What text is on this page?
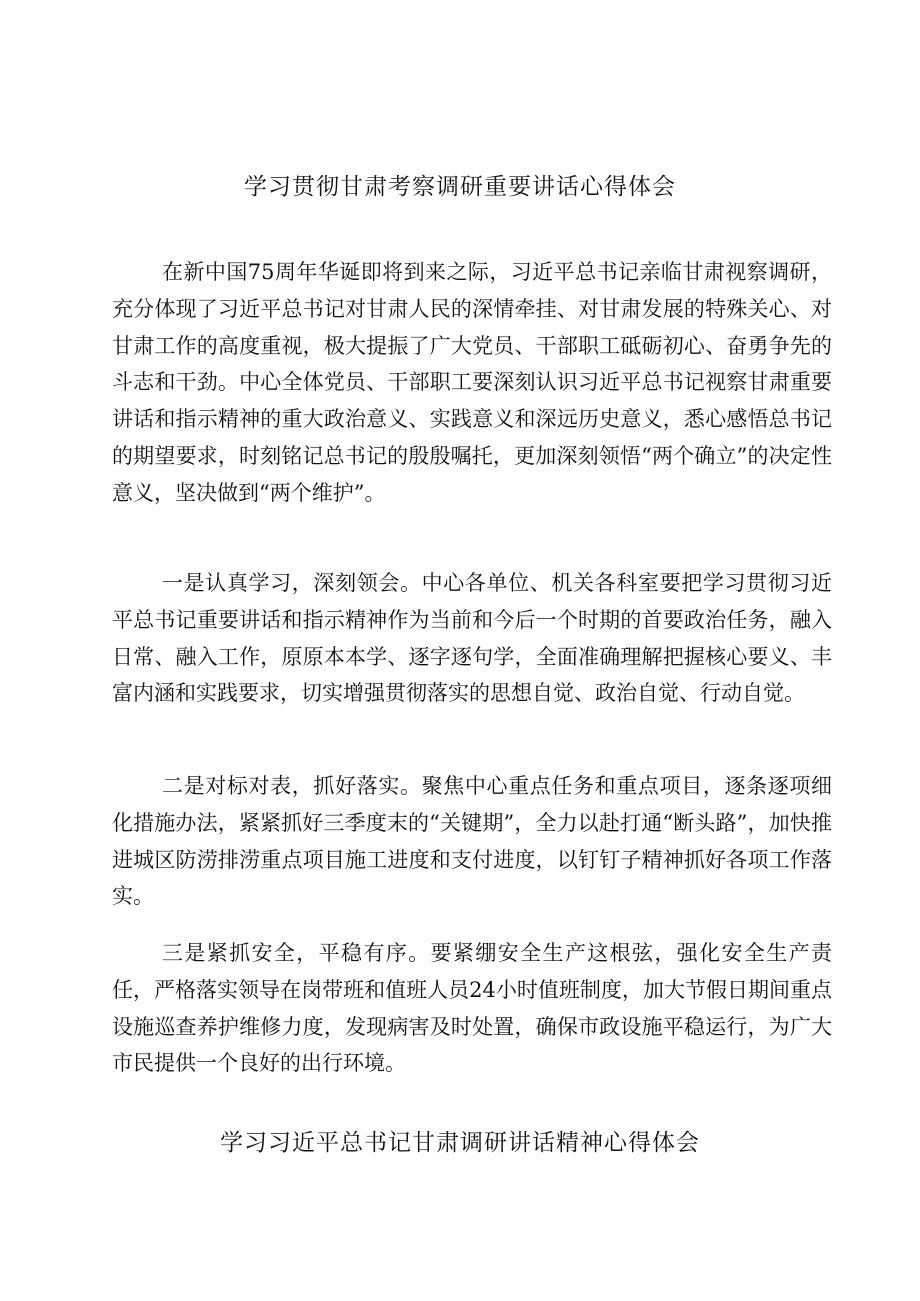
学习贯彻甘肃考察调研重要讲话心得体会

在新中国75周年华诞即将到来之际，习近平总书记亲临甘肃视察调研，充分体现了习近平总书记对甘肃人民的深情牵挂、对甘肃发展的特殊关心、对甘肃工作的高度重视，极大提振了广大党员、干部职工砥砺初心、奋勇争先的斗志和干劲。中心全体党员、干部职工要深刻认识习近平总书记视察甘肃重要讲话和指示精神的重大政治意义、实践意义和深远历史意义，悉心感悟总书记的期望要求，时刻铭记总书记的殷殷嘱托，更加深刻领悟“两个确立”的决定性意义，坚决做到“两个维护”。

一是认真学习，深刻领会。中心各单位、机关各科室要把学习贯彻习近平总书记重要讲话和指示精神作为当前和今后一个时期的首要政治任务，融入日常、融入工作，原原本本学、逐字逐句学，全面准确理解把握核心要义、丰富内涵和实践要求，切实增强贯彻落实的思想自觉、政治自觉、行动自觉。

二是对标对表，抓好落实。聚焦中心重点任务和重点项目，逐条逐项细化措施办法，紧紧抓好三季度末的“关键期”，全力以赴打通“断头路”，加快推进城区防涝排涝重点项目施工进度和支付进度，以钉钉子精神抓好各项工作落实。

三是紧抓安全，平稳有序。要紧绷安全生产这根弦，强化安全生产责任，严格落实领导在岗带班和值班人员24小时值班制度，加大节假日期间重点设施巡查养护维修力度，发现病害及时处置，确保市政设施平稳运行，为广大市民提供一个良好的出行环境。

学习习近平总书记甘肃调研讲话精神心得体会
